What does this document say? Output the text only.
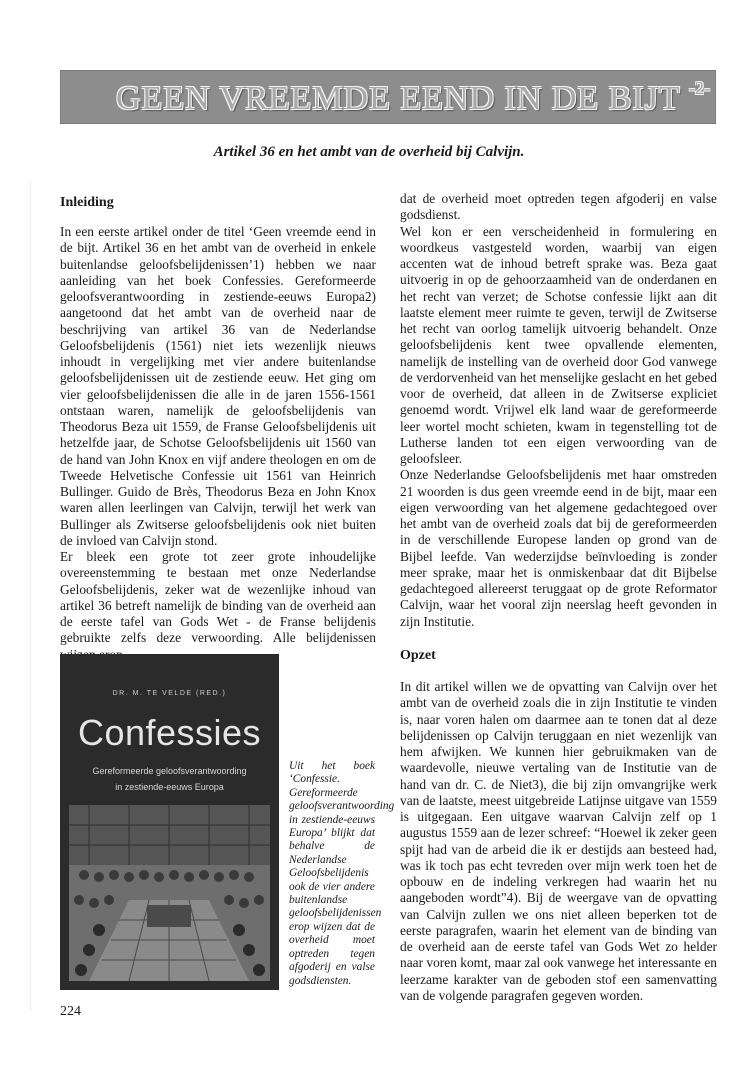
GEEN VREEMDE EEND IN DE BIJT -2-
Artikel 36 en het ambt van de overheid bij Calvijn.
Inleiding

In een eerste artikel onder de titel ‘Geen vreemde eend in de bijt. Artikel 36 en het ambt van de overheid in enkele buitenlandse geloofsbelijdenissen’1) hebben we naar aanleiding van het boek Confessies. Gereformeerde geloofsverantwoording in zestiende-eeuws Europa2) aangetoond dat het ambt van de overheid naar de beschrijving van artikel 36 van de Nederlandse Geloofsbelijdenis (1561) niet iets wezenlijk nieuws inhoudt in vergelijking met vier andere buitenlandse geloofsbelijdenissen uit de zestiende eeuw. Het ging om vier geloofsbelijdenissen die alle in de jaren 1556-1561 ontstaan waren, namelijk de geloofsbelijdenis van Theodorus Beza uit 1559, de Franse Geloofsbelijdenis uit hetzelfde jaar, de Schotse Geloofsbelijdenis uit 1560 van de hand van John Knox en vijf andere theologen en om de Tweede Helvetische Confessie uit 1561 van Heinrich Bullinger. Guido de Brès, Theodorus Beza en John Knox waren allen leerlingen van Calvijn, terwijl het werk van Bullinger als Zwitserse geloofsbelijdenis ook niet buiten de invloed van Calvijn stond.

Er bleek een grote tot zeer grote inhoudelijke overeenstemming te bestaan met onze Nederlandse Geloofsbelijdenis, zeker wat de wezenlijke inhoud van artikel 36 betreft namelijk de binding van de overheid aan de eerste tafel van Gods Wet - de Franse belijdenis gebruikte zelfs deze verwoording. Alle belijdenissen

dat de overheid moet optreden tegen afgoderij en valse godsdienst.

Wel kon er een verscheidenheid in formulering en woordkeus vastgesteld worden, waarbij van eigen accenten wat de inhoud betreft sprake was. Beza gaat uitvoerig in op de gehoorzaamheid van de onderdanen en het recht van verzet; de Schotse confessie lijkt aan dit laatste element meer ruimte te geven, terwijl de Zwitserse het recht van oorlog tamelijk uitvoerig behandelt. Onze geloofsbelijdenis kent twee opvallende elementen, namelijk de instelling van de overheid door God vanwege de verdorvenheid van het menselijke geslacht en het gebed voor de overheid, dat alleen in de Zwitserse expliciet genoemd wordt. Vrijwel elk land waar de gereformeerde leer wortel mocht schieten, kwam in tegenstelling tot de Lutherse landen tot een eigen verwoording van de geloofsleer.

Onze Nederlandse Geloofsbelijdenis met haar omstreden 21 woorden is dus geen vreemde eend in de bijt, maar een eigen verwoording van het algemene gedachtegoed over het ambt van de overheid zoals dat bij de gereformeerden in de verschillende Europese landen op grond van de Bijbel leefde. Van wederzijdse beïnvloeding is zonder meer sprake, maar het is onmiskenbaar dat dit Bijbelse gedachtegoed allereerst teruggaat op de grote Reformator Calvijn, waar het vooral zijn neerslag heeft gevonden in zijn Institutie.

Opzet

In dit artikel willen we de opvatting van Calvijn over het ambt van de overheid zoals die in zijn Institutie te vinden is, naar voren halen om daarmee aan te tonen dat al deze belijdenissen op Calvijn teruggaan en niet wezenlijk van hem afwijken. We kunnen hier gebruikmaken van de waardevolle, nieuwe vertaling van de Institutie van de hand van dr. C. de Niet3), die bij zijn omvangrijke werk van de laatste, meest uitgebreide Latijnse uitgave van 1559 is uitgegaan. Een uitgave waarvan Calvijn zelf op 1 augustus 1559 aan de lezer schreef: “Hoewel ik zeker geen spijt had van de arbeid die ik er destijds aan besteed had, was ik toch pas echt tevreden over mijn werk toen het de opbouw en de indeling verkregen had waarin het nu aangeboden wordt”4). Bij de weergave van de opvatting van Calvijn zullen we ons niet alleen beperken tot de eerste paragrafen, waarin het element van de binding van de overheid aan de eerste tafel van Gods Wet zo helder naar voren komt, maar zal ook vanwege het interessante en leerzame karakter van de geboden stof een samenvatting van de volgende paragrafen gegeven worden.

DR. M. TE VELDE (RED.)
Confessies
Gereformeerde geloofsverantwoording
in zestiende-eeuws Europa
Uit het boek ‘Confessie. Gereformeerde geloofsverantwoording in zestiende-eeuws Europa’ blijkt dat behalve de Nederlandse Geloofsbelijdenis ook de vier andere buitenlandse geloofsbelijdenissen erop wijzen dat de overheid moet optreden tegen afgoderij en valse godsdiensten.
224
